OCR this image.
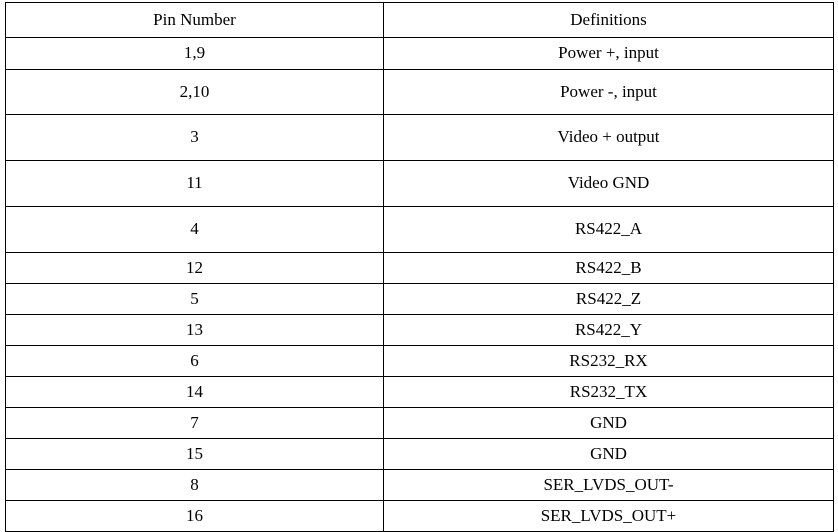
Pin Number	Definitions
1,9	Power +, input
2,10	Power -, input
3	Video + output
11	Video GND
4	RS422_A
12	RS422_B
5	RS422_Z
13	RS422_Y
6	RS232_RX
14	RS232_TX
7	GND
15	GND
8	SER_LVDS_OUT-
16	SER_LVDS_OUT+
